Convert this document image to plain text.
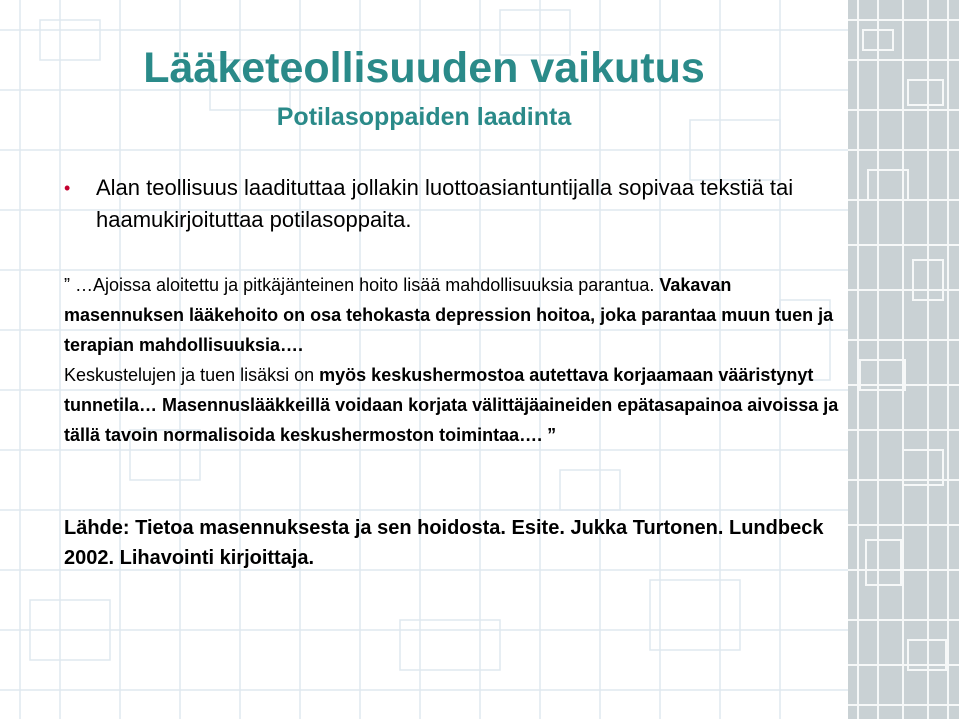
Lääketeollisuuden vaikutus
Potilasoppaiden laadinta
• Alan teollisuus laadituttaa jollakin luottoasiantuntijalla sopivaa tekstiä tai haamukirjoituttaa potilasoppaita.
” …Ajoissa aloitettu ja pitkäjänteinen hoito lisää mahdollisuuksia parantua. Vakavan masennuksen lääkehoito on osa tehokasta depression hoitoa, joka parantaa muun tuen ja terapian mahdollisuuksia….
Keskustelujen ja tuen lisäksi on myös keskushermostoa autettava korjaamaan vääristynyt tunnetila… Masennuslääkkeillä voidaan korjata välittäjäaineiden epätasapainoa aivoissa ja tällä tavoin normalisoida keskushermoston toimintaa…. ”
Lähde: Tietoa masennuksesta ja sen hoidosta. Esite. Jukka Turtonen. Lundbeck 2002. Lihavointi kirjoittaja.
